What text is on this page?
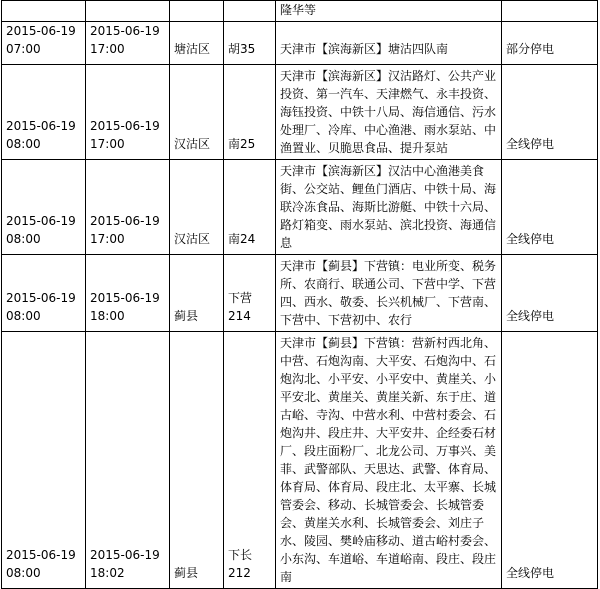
				隆华等	
2015-06-19 07:00	2015-06-19 17:00	塘沽区	胡35	天津市【滨海新区】塘沽四队南	部分停电
2015-06-19 08:00	2015-06-19 17:00	汉沽区	南25	天津市【滨海新区】汉沽路灯、公共产业投资、第一汽车、天津燃气、永丰投资、海钰投资、中铁十八局、海信通信、污水处理厂、冷库、中心渔港、雨水泵站、中渔置业、贝脆思食品、提升泵站	全线停电
2015-06-19 08:00	2015-06-19 17:00	汉沽区	南24	天津市【滨海新区】汉沽中心渔港美食街、公交站、鲤鱼门酒店、中铁十局、海联冷冻食品、海斯比游艇、中铁十六局、路灯箱变、雨水泵站、滨北投资、海通信息	全线停电
2015-06-19 08:00	2015-06-19 18:00	蓟县	下营214	天津市【蓟县】下营镇：电业所变、税务所、农商行、联通公司、下营中学、下营四、西水、敬委、长兴机械厂、下营南、下营中、下营初中、农行	全线停电
2015-06-19 08:00	2015-06-19 18:02	蓟县	下长212	天津市【蓟县】下营镇：营新村西北角、中营、石炮沟南、大平安、石炮沟中、石炮沟北、小平安、小平安中、黄崖关、小平安北、黄崖关、黄崖关新、东于庄、道古峪、寺沟、中营水利、中营村委会、石炮沟井、段庄井、大平安井、企经委石材厂、段庄面粉厂、北龙公司、万事兴、美菲、武警部队、天思达、武警、体育局、体育局、体育局、段庄北、太平寨、长城管委会、移动、长城管委会、长城管委会、黄崖关水利、长城管委会、刘庄子水、陵园、樊岭庙移动、道古峪村委会、小东沟、车道峪、车道峪南、段庄、段庄南	全线停电
